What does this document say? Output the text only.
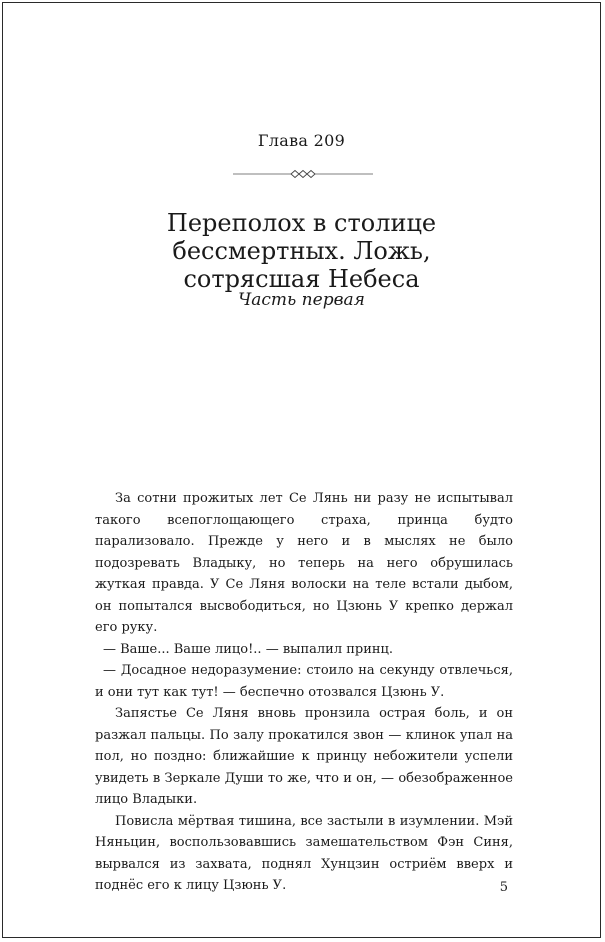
Глава 209
Переполох в столице
бессмертных. Ложь,
сотрясшая Небеса
Часть первая

За сотни прожитых лет Се Лянь ни разу не испытывал такого всепоглощающего страха, принца будто парализовало. Прежде у него и в мыслях не было подозревать Владыку, но теперь на него обрушилась жуткая правда. У Се Ляня волоски на теле встали дыбом, он попытался высвободиться, но Цзюнь У крепко держал его руку.

— Ваше... Ваше лицо!.. — выпалил принц.

— Досадное недоразумение: стоило на секунду отвлечься, и они тут как тут! — беспечно отозвался Цзюнь У.

Запястье Се Ляня вновь пронзила острая боль, и он разжал пальцы. По залу прокатился звон — клинок упал на пол, но поздно: ближайшие к принцу небожители успели увидеть в Зеркале Души то же, что и он, — обезображенное лицо Владыки.

Повисла мёртвая тишина, все застыли в изумлении. Мэй Няньцин, воспользовавшись замешательством Фэн Синя, вырвался из захвата, поднял Хунцзин остриём вверх и поднёс его к лицу Цзюнь У.	5
